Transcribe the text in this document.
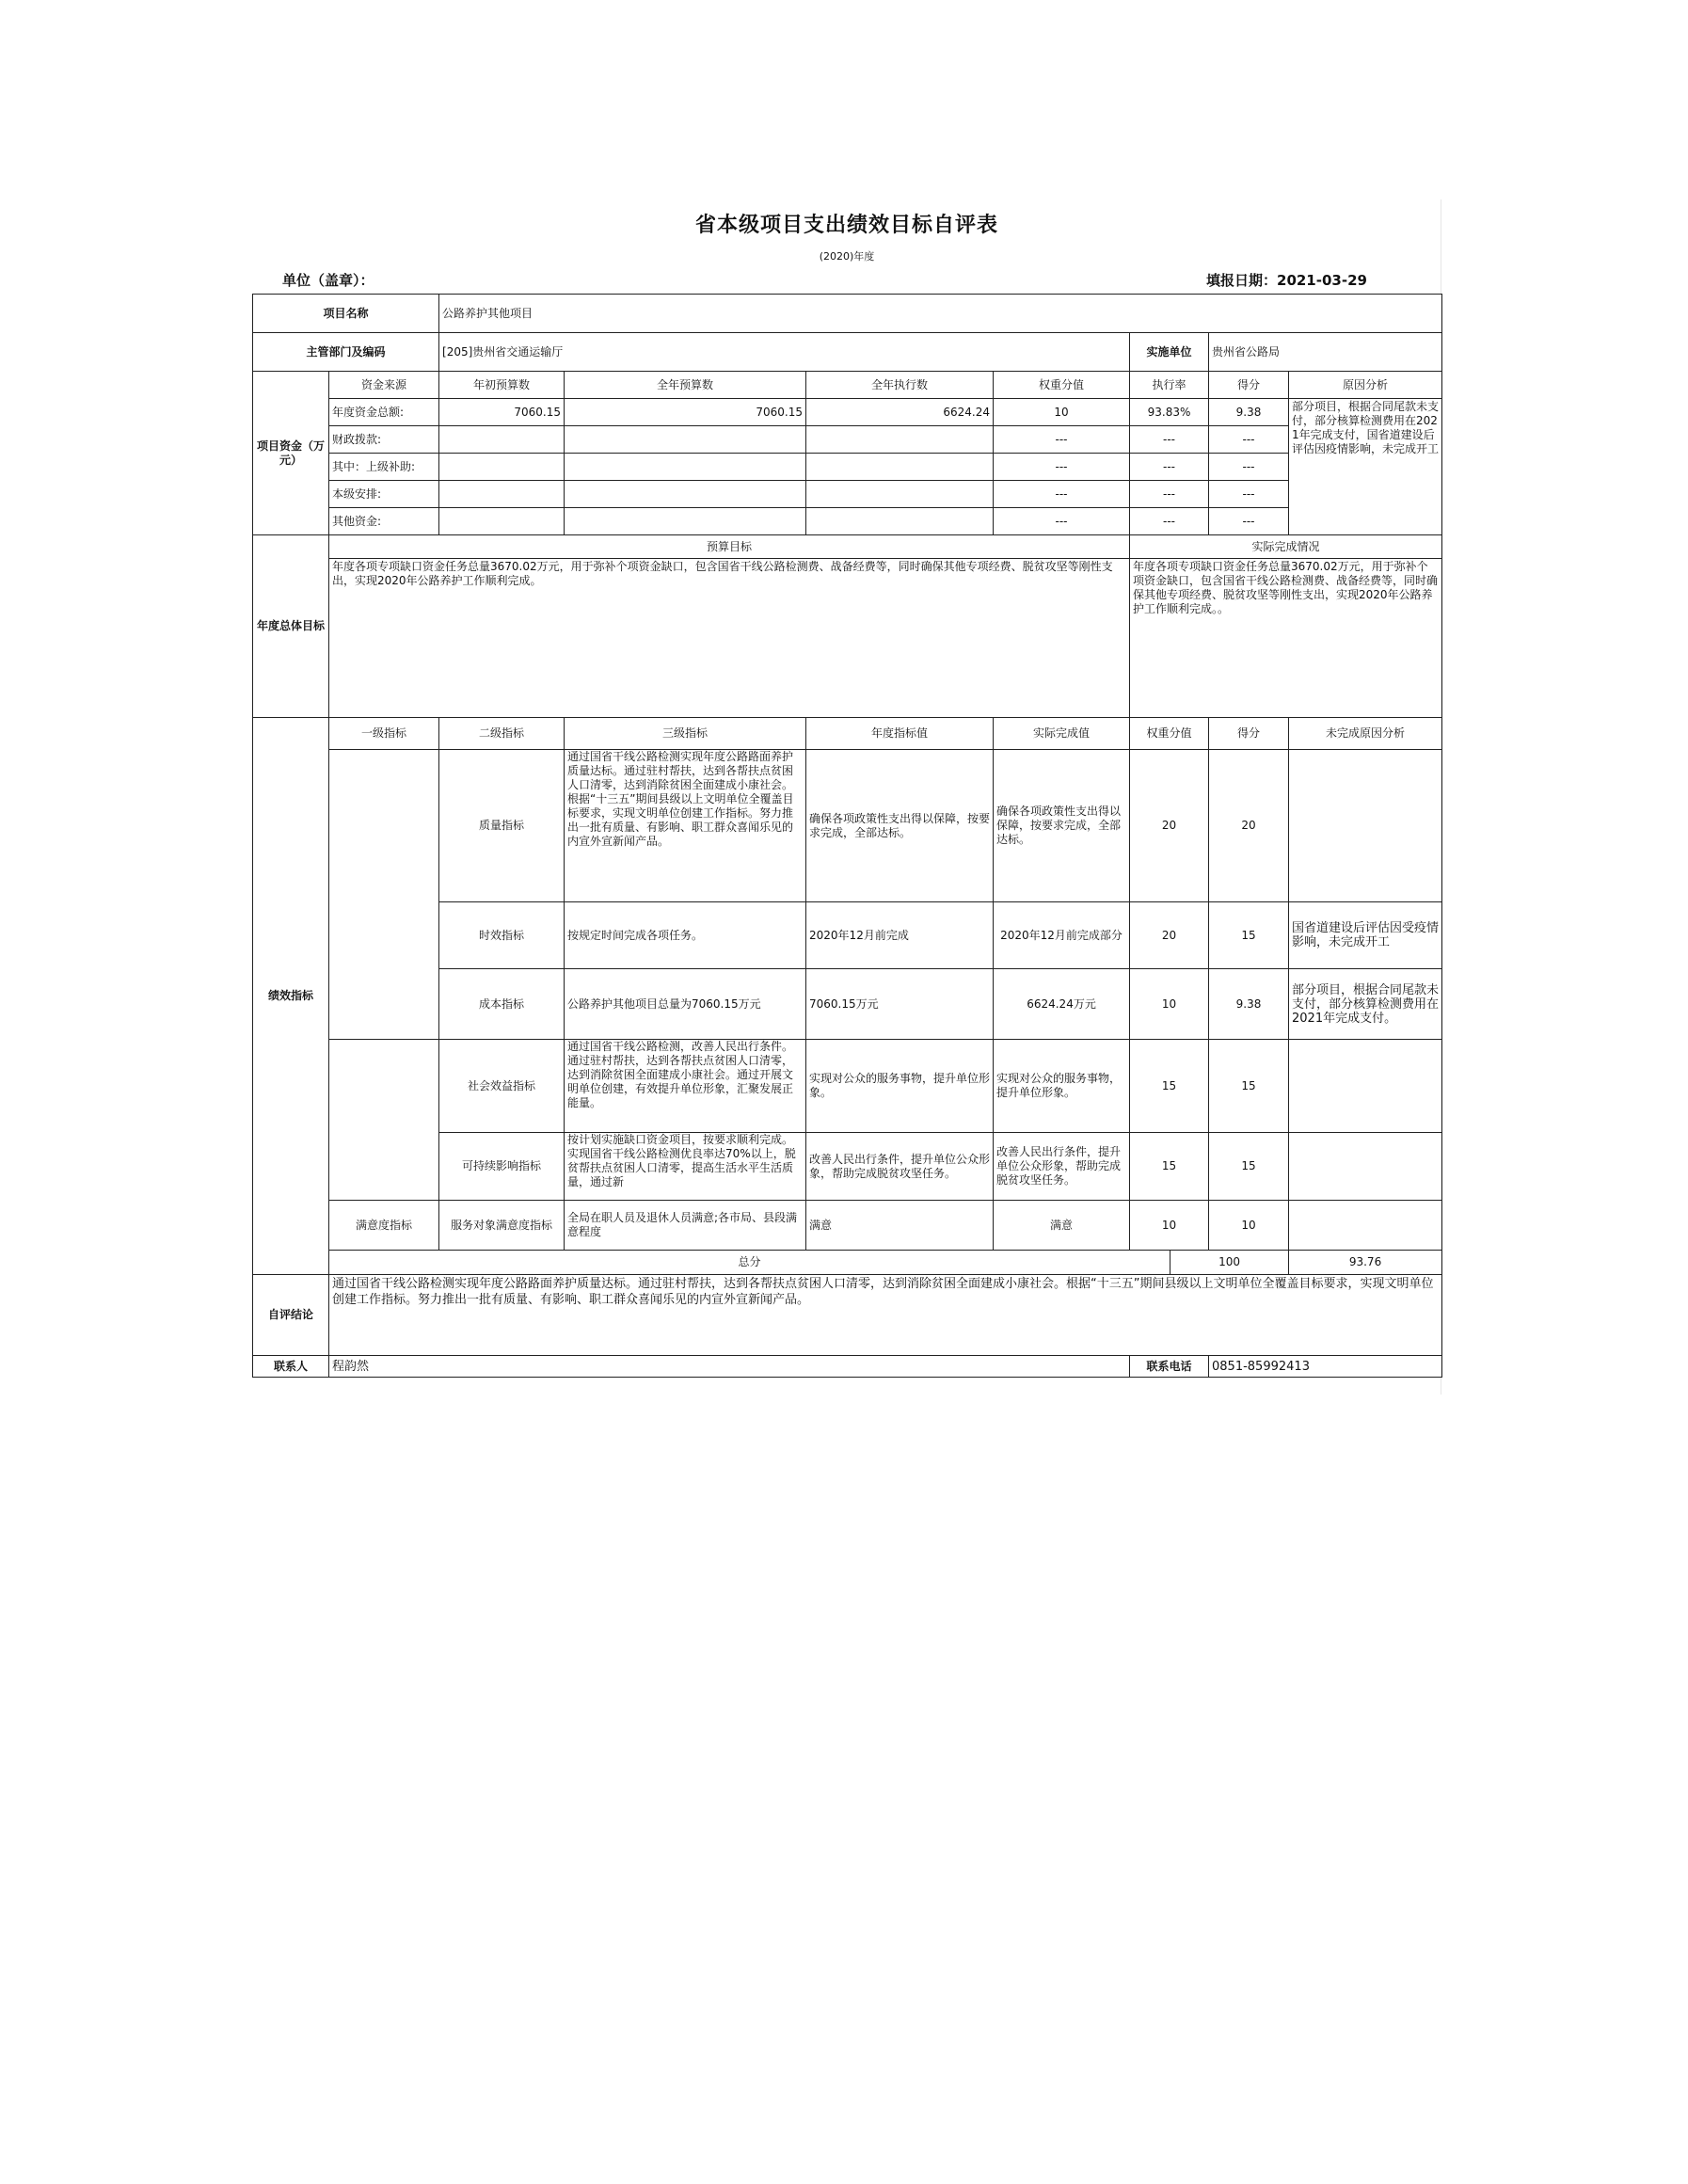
省本级项目支出绩效目标自评表
(2020)年度
单位（盖章）：	填报日期：2021-03-29
项目名称		公路养护其他项目								
主管部门及编码		[205]贵州省交通运输厅				实施单位		贵州省公路局		
项目资金（万元）	资金来源	年初预算数	全年预算数	全年执行数	权重分值	执行率		得分	原因分析	
	年度资金总额:	7060.15	7060.15	6624.24	10	93.83%		9.38	部分项目，根据合同尾款未支付，部分核算检测费用在2021年完成支付，国省道建设后评估因疫情影响，未完成开工	
	财政拨款:				---	---		---		
	其中：上级补助:				---	---		---		
	本级安排:				---	---		---		
	其他资金:				---	---		---		
年度总体目标	预算目标					实际完成情况				
	年度各项专项缺口资金任务总量3670.02万元，用于弥补个项资金缺口，包含国省干线公路检测费、战备经费等，同时确保其他专项经费、脱贫攻坚等刚性支出，实现2020年公路养护工作顺利完成。					年度各项专项缺口资金任务总量3670.02万元，用于弥补个项资金缺口，包含国省干线公路检测费、战备经费等，同时确保其他专项经费、脱贫攻坚等刚性支出，实现2020年公路养护工作顺利完成。。				
绩效指标	一级指标	二级指标	三级指标	年度指标值	实际完成值	权重分值		得分	未完成原因分析	
		质量指标	通过国省干线公路检测实现年度公路路面养护质量达标。通过驻村帮扶，达到各帮扶点贫困人口清零，达到消除贫困全面建成小康社会。根据“十三五”期间县级以上文明单位全覆盖目标要求，实现文明单位创建工作指标。努力推出一批有质量、有影响、职工群众喜闻乐见的内宣外宣新闻产品。	确保各项政策性支出得以保障，按要求完成，全部达标。	确保各项政策性支出得以保障，按要求完成，全部达标。	20		20		
		时效指标	按规定时间完成各项任务。	2020年12月前完成	2020年12月前完成部分	20		15	国省道建设后评估因受疫情影响，未完成开工	
		成本指标	公路养护其他项目总量为7060.15万元	7060.15万元	6624.24万元	10		9.38	部分项目，根据合同尾款未支付，部分核算检测费用在2021年完成支付。	
		社会效益指标	通过国省干线公路检测，改善人民出行条件。通过驻村帮扶，达到各帮扶点贫困人口清零，达到消除贫困全面建成小康社会。通过开展文明单位创建，有效提升单位形象，汇聚发展正能量。	实现对公众的服务事物，提升单位形象。	实现对公众的服务事物，提升单位形象。	15		15		
		可持续影响指标	按计划实施缺口资金项目，按要求顺利完成。实现国省干线公路检测优良率达70%以上，脱贫帮扶点贫困人口清零，提高生活水平生活质量，通过新	改善人民出行条件，提升单位公众形象，帮助完成脱贫攻坚任务。	改善人民出行条件，提升单位公众形象，帮助完成脱贫攻坚任务。	15		15		
	满意度指标	服务对象满意度指标	全局在职人员及退休人员满意;各市局、县段满意程度	满意	满意	10		10		
	总分						100		93.76	
自评结论	通过国省干线公路检测实现年度公路路面养护质量达标。通过驻村帮扶，达到各帮扶点贫困人口清零，达到消除贫困全面建成小康社会。根据“十三五”期间县级以上文明单位全覆盖目标要求，实现文明单位创建工作指标。努力推出一批有质量、有影响、职工群众喜闻乐见的内宣外宣新闻产品。									
联系人	程韵然					联系电话		0851-85992413		
